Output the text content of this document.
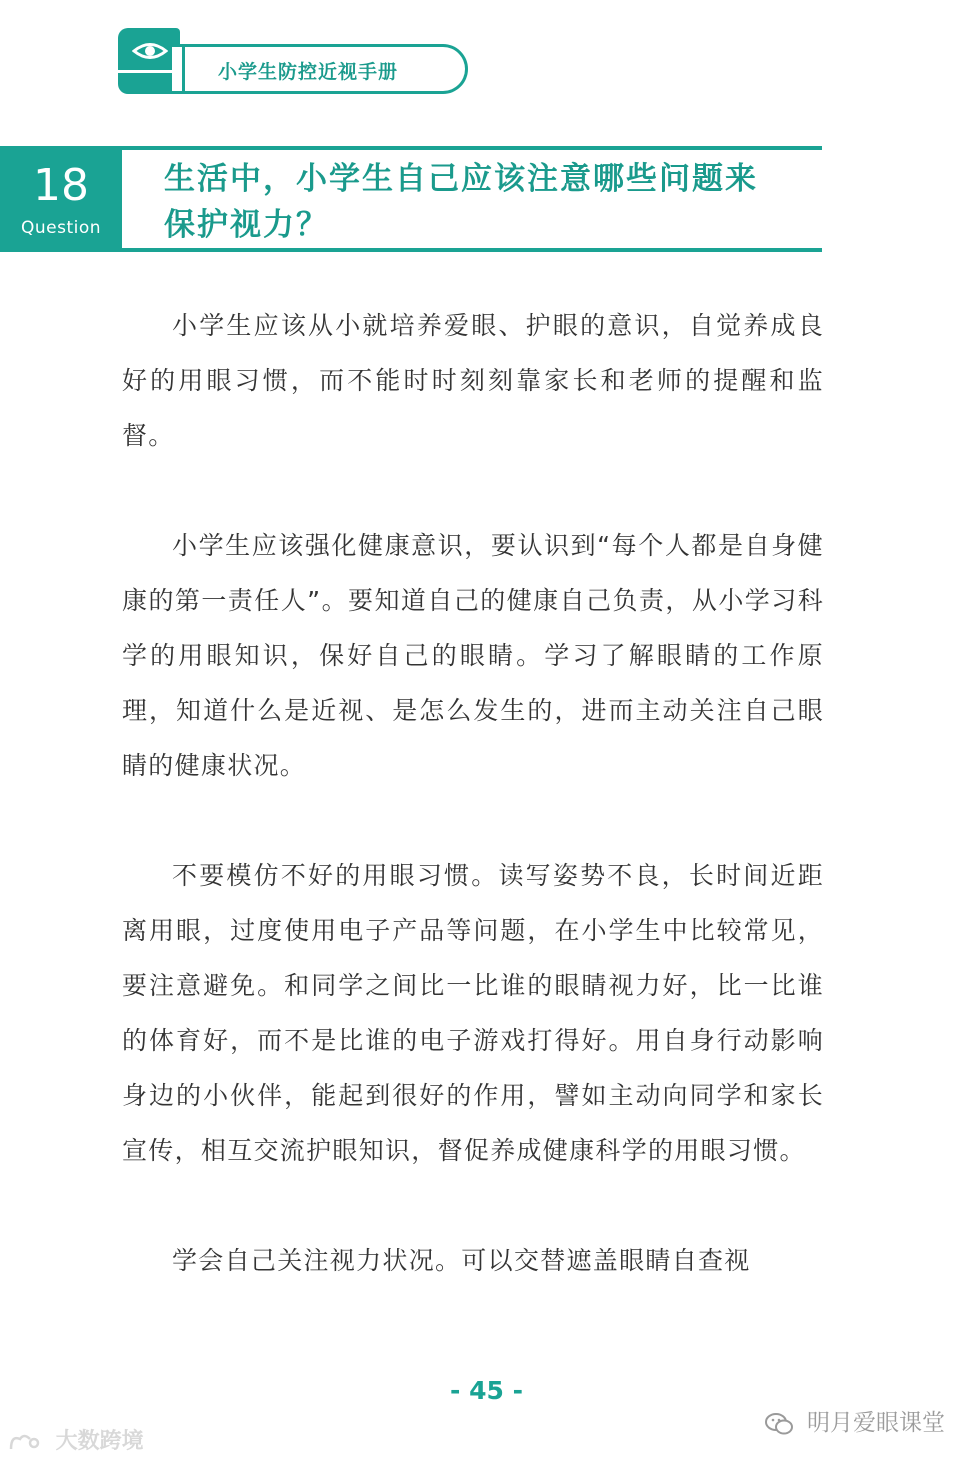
小学生防控近视手册
18
Question
生活中，小学生自己应该注意哪些问题来
保护视力？

小学生应该从小就培养爱眼、护眼的意识，自觉养成良好的用眼习惯，而不能时时刻刻靠家长和老师的提醒和监督。

小学生应该强化健康意识，要认识到“每个人都是自身健康的第一责任人”。要知道自己的健康自己负责，从小学习科学的用眼知识，保好自己的眼睛。学习了解眼睛的工作原理，知道什么是近视、是怎么发生的，进而主动关注自己眼睛的健康状况。

不要模仿不好的用眼习惯。读写姿势不良，长时间近距离用眼，过度使用电子产品等问题，在小学生中比较常见，要注意避免。和同学之间比一比谁的眼睛视力好，比一比谁的体育好，而不是比谁的电子游戏打得好。用自身行动影响身边的小伙伴，能起到很好的作用，譬如主动向同学和家长宣传，相互交流护眼知识，督促养成健康科学的用眼习惯。

学会自己关注视力状况。可以交替遮盖眼睛自查视

- 45 -
大数跨境
明月爱眼课堂
